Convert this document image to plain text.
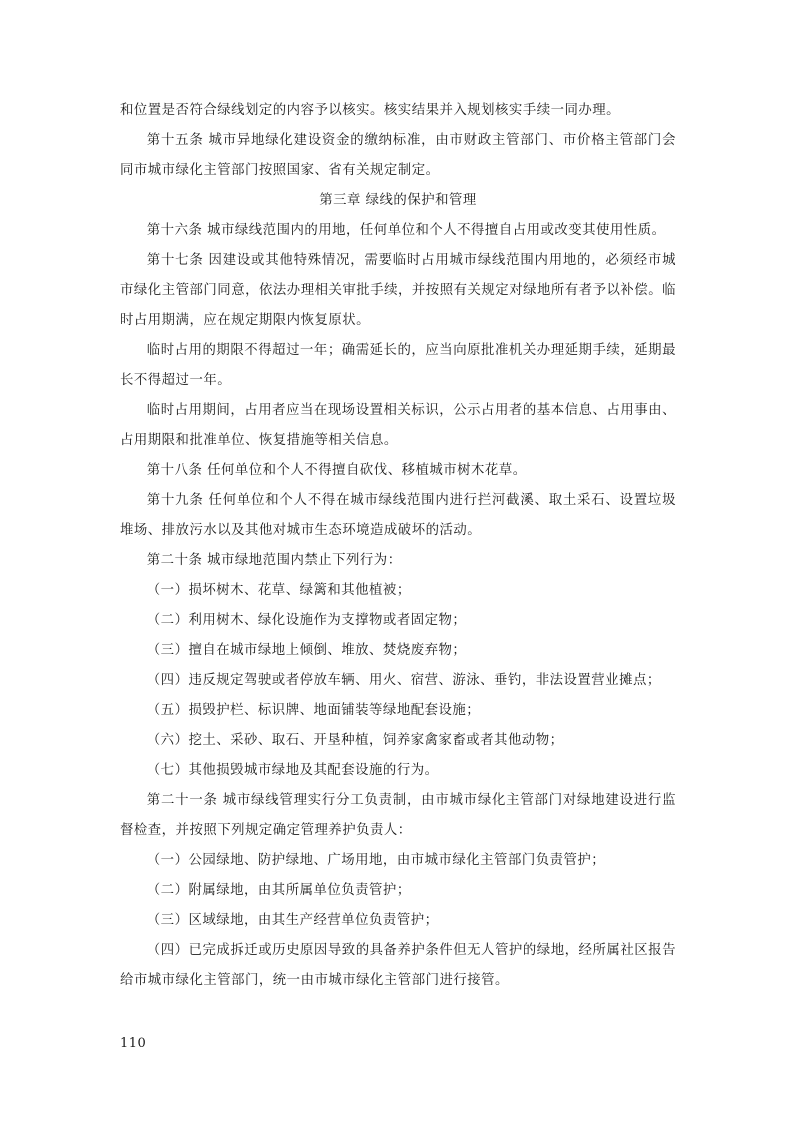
和位置是否符合绿线划定的内容予以核实。核实结果并入规划核实手续一同办理。

第十五条 城市异地绿化建设资金的缴纳标准，由市财政主管部门、市价格主管部门会同市城市绿化主管部门按照国家、省有关规定制定。

第三章 绿线的保护和管理

第十六条 城市绿线范围内的用地，任何单位和个人不得擅自占用或改变其使用性质。

第十七条 因建设或其他特殊情况，需要临时占用城市绿线范围内用地的，必须经市城市绿化主管部门同意，依法办理相关审批手续，并按照有关规定对绿地所有者予以补偿。临时占用期满，应在规定期限内恢复原状。

临时占用的期限不得超过一年；确需延长的，应当向原批准机关办理延期手续，延期最长不得超过一年。

临时占用期间，占用者应当在现场设置相关标识，公示占用者的基本信息、占用事由、占用期限和批准单位、恢复措施等相关信息。

第十八条 任何单位和个人不得擅自砍伐、移植城市树木花草。

第十九条 任何单位和个人不得在城市绿线范围内进行拦河截溪、取土采石、设置垃圾堆场、排放污水以及其他对城市生态环境造成破坏的活动。

第二十条 城市绿地范围内禁止下列行为：

（一）损坏树木、花草、绿篱和其他植被；

（二）利用树木、绿化设施作为支撑物或者固定物；

（三）擅自在城市绿地上倾倒、堆放、焚烧废弃物；

（四）违反规定驾驶或者停放车辆、用火、宿营、游泳、垂钓，非法设置营业摊点；

（五）损毁护栏、标识牌、地面铺装等绿地配套设施；

（六）挖土、采砂、取石、开垦种植，饲养家禽家畜或者其他动物；

（七）其他损毁城市绿地及其配套设施的行为。

第二十一条 城市绿线管理实行分工负责制，由市城市绿化主管部门对绿地建设进行监督检查，并按照下列规定确定管理养护负责人：

（一）公园绿地、防护绿地、广场用地，由市城市绿化主管部门负责管护；

（二）附属绿地，由其所属单位负责管护；

（三）区域绿地，由其生产经营单位负责管护；

（四）已完成拆迁或历史原因导致的具备养护条件但无人管护的绿地，经所属社区报告给市城市绿化主管部门，统一由市城市绿化主管部门进行接管。

110
